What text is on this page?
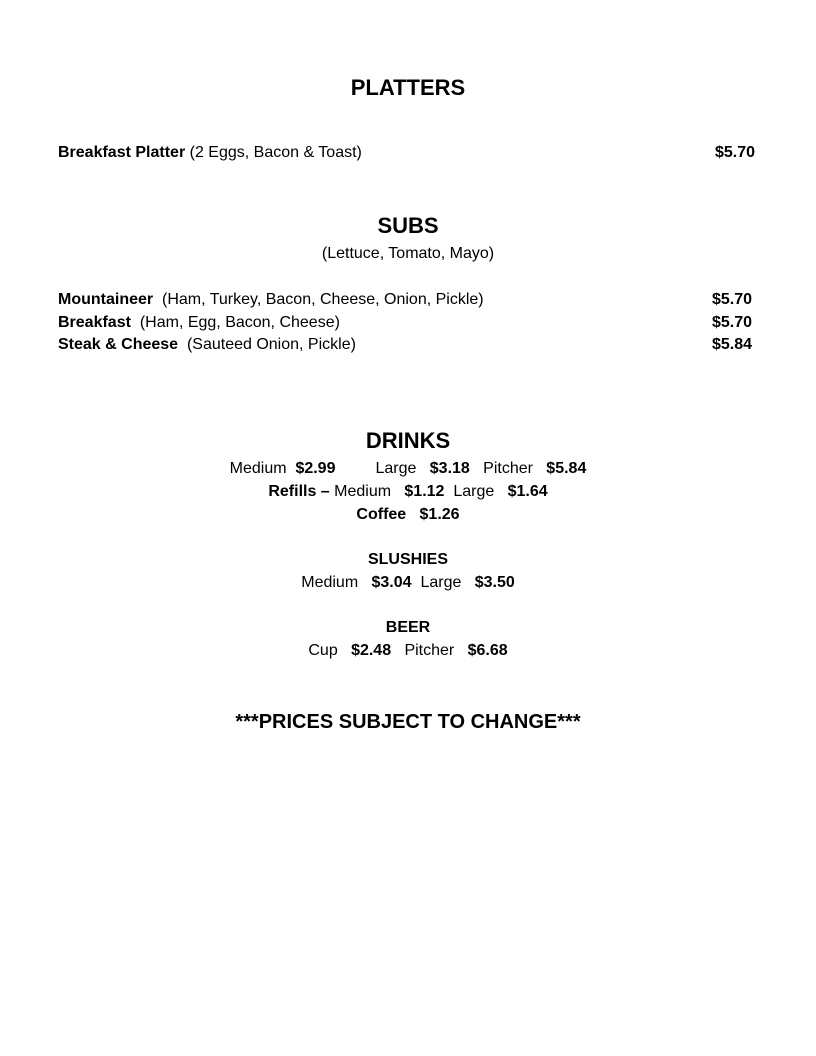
PLATTERS
Breakfast Platter (2 Eggs, Bacon & Toast)	$5.70
SUBS
(Lettuce, Tomato, Mayo)
Mountaineer (Ham, Turkey, Bacon, Cheese, Onion, Pickle)	$5.70
Breakfast (Ham, Egg, Bacon, Cheese)	$5.70
Steak & Cheese (Sauteed Onion, Pickle)	$5.84
DRINKS
Medium $2.99	Large $3.18 Pitcher $5.84
Refills – Medium $1.12 Large $1.64
Coffee $1.26
SLUSHIES
Medium $3.04 Large $3.50
BEER
Cup $2.48 Pitcher $6.68
***PRICES SUBJECT TO CHANGE***
